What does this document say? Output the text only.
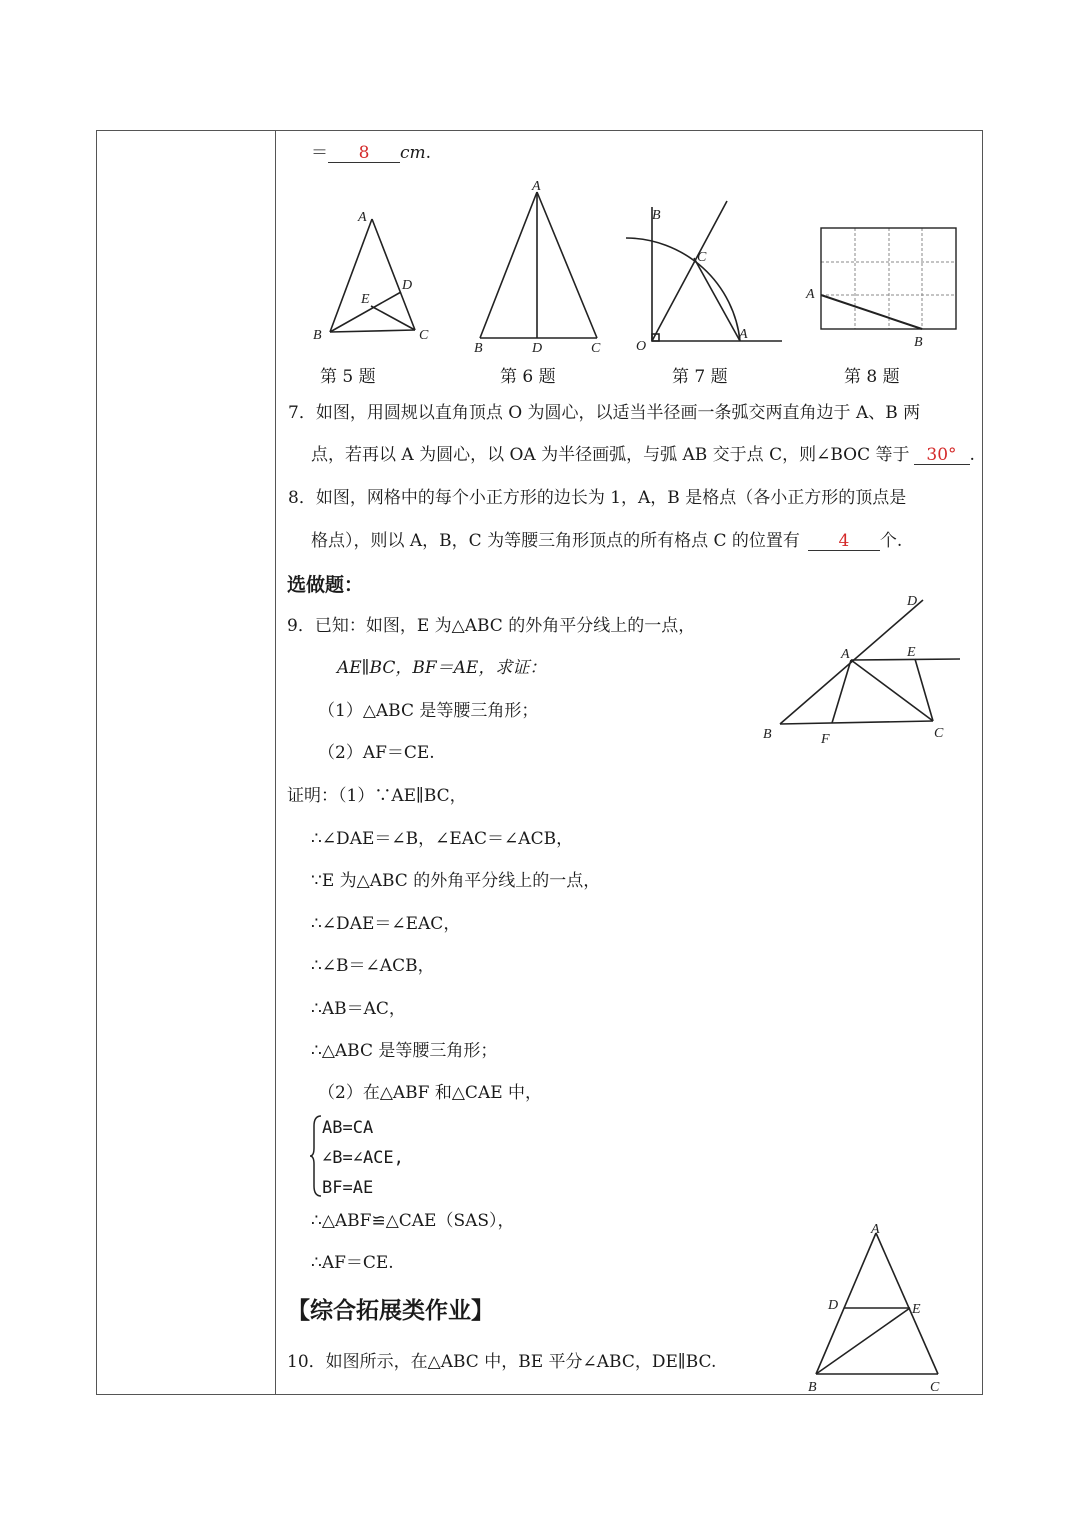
＝ 8 cm.
A
B	C
D
E
第 5 题
A
B	D	C
第 6 题
B
C
O
A
第 7 题
A
B
第 8 题
7．如图，用圆规以直角顶点 O 为圆心，以适当半径画一条弧交两直角边于 A、B 两
点，若再以 A 为圆心，以 OA 为半径画弧，与弧 AB 交于点 C，则∠BOC 等于 30° .
8．如图，网格中的每个小正方形的边长为 1，A，B 是格点（各小正方形的顶点是
格点），则以 A，B，C 为等腰三角形顶点的所有格点 C 的位置有 4 个.
选做题：
9．已知：如图，E 为△ABC 的外角平分线上的一点，
AE∥BC，BF＝AE，求证：
（1）△ABC 是等腰三角形；
（2）AF＝CE.
D
A	E
B	F	C
证明：（1）∵AE∥BC，
∴∠DAE＝∠B，∠EAC＝∠ACB，
∵E 为△ABC 的外角平分线上的一点，
∴∠DAE＝∠EAC，
∴∠B＝∠ACB，
∴AB＝AC，
∴△ABC 是等腰三角形；
（2）在△ABF 和△CAE 中，
AB=CA
∠B=∠ACE,
BF=AE
∴△ABF≌△CAE（SAS），
∴AF＝CE.
【综合拓展类作业】
10．如图所示，在△ABC 中，BE 平分∠ABC，DE∥BC.
A
D	E
B	C
